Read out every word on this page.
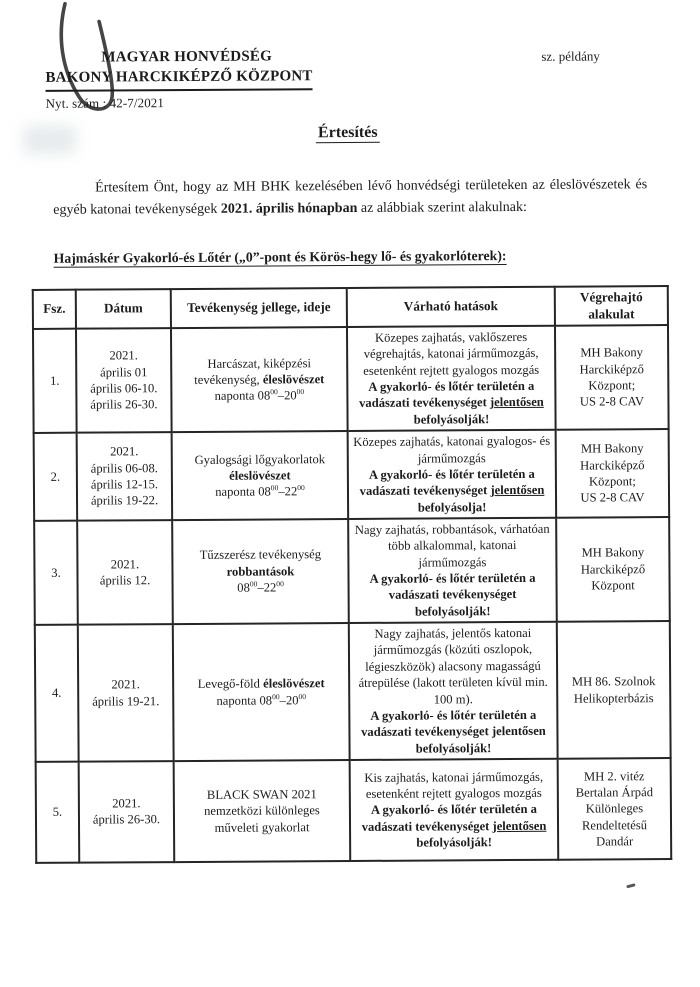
MAGYAR HONVÉDSÉG
BAKONY HARCKIKÉPZŐ KÖZPONT
Nyt. szám : 42-7/2021
sz. példány
Értesítés

Értesítem Önt, hogy az MH BHK kezelésében lévő honvédségi területeken az éleslövészetek és egyéb katonai tevékenységek 2021. április hónapban az alábbiak szerint alakulnak:

Hajmáskér Gyakorló-és Lőtér („0”-pont és Körös-hegy lő- és gyakorlóterek):
Fsz.	Dátum	Tevékenység jellege, ideje	Várható hatások	Végrehajtó
alakulat
1.	2021.
április 01
április 06-10.
április 26-30.	Harcászat, kiképzési tevékenység, éleslövészet
naponta $08^{00}-20^{00}$	Közepes zajhatás, vaklőszeres végrehajtás, katonai járműmozgás, esetenként rejtett gyalogos mozgás
A gyakorló- és lőtér területén a vadászati tevékenységet jelentősen befolyásolják!	MH Bakony
Harckiképző
Központ;
US 2-8 CAV
2.	2021.
április 06-08.
április 12-15.
április 19-22.	Gyalogsági lőgyakorlatok
éleslövészet
naponta $08^{00}-22^{00}$	Közepes zajhatás, katonai gyalogos- és járműmozgás
A gyakorló- és lőtér területén a vadászati tevékenységet jelentősen befolyásolja!	MH Bakony
Harckiképző
Központ;
US 2-8 CAV
3.	2021.
április 12.	Tűzszerész tevékenység
robbantások
$08^{00}-22^{00}$	Nagy zajhatás, robbantások, várhatóan több alkalommal, katonai járműmozgás
A gyakorló- és lőtér területén a vadászati tevékenységet befolyásolják!	MH Bakony
Harckiképző
Központ
4.	2021.
április 19-21.	Levegő-föld éleslövészet
naponta $08^{00}-20^{00}$	Nagy zajhatás, jelentős katonai járműmozgás (közúti oszlopok, légieszközök) alacsony magasságú átrepülése (lakott területen kívül min. 100 m).
A gyakorló- és lőtér területén a vadászati tevékenységet jelentősen befolyásolják!	MH 86. Szolnok
Helikopterbázis
5.	2021.
április 26-30.	BLACK SWAN 2021
nemzetközi különleges
műveleti gyakorlat	Kis zajhatás, katonai járműmozgás, esetenként rejtett gyalogos mozgás
A gyakorló- és lőtér területén a vadászati tevékenységet jelentősen befolyásolják!	MH 2. vitéz
Bertalan Árpád
Különleges
Rendeltetésű
Dandár
